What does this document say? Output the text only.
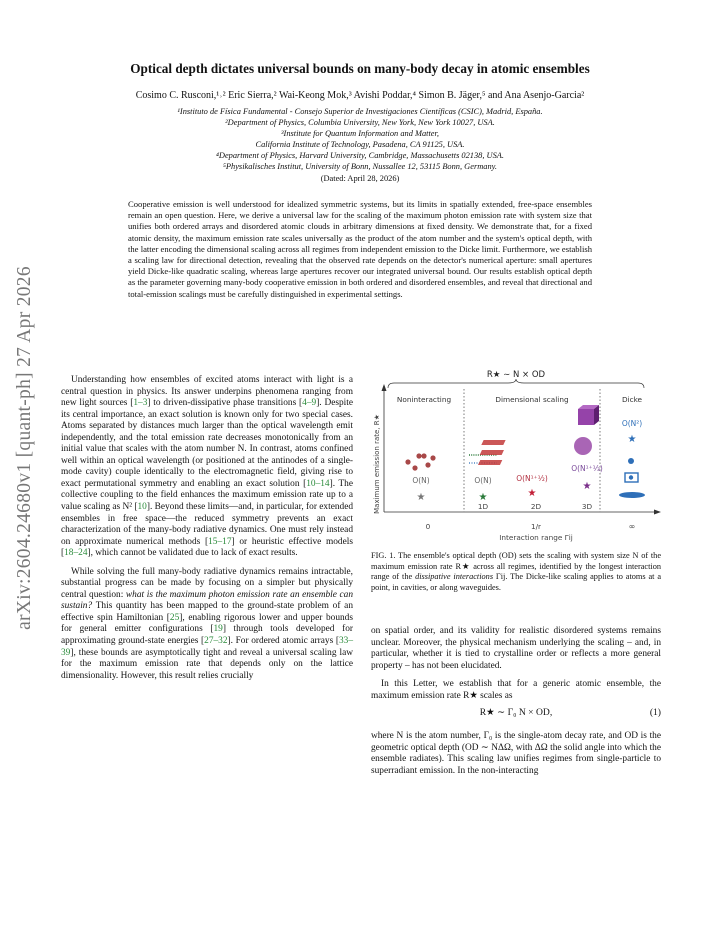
arXiv:2604.24680v1 [quant-ph] 27 Apr 2026
Optical depth dictates universal bounds on many-body decay in atomic ensembles
Cosimo C. Rusconi,¹˒² Eric Sierra,² Wai-Keong Mok,³ Avishi Poddar,⁴ Simon B. Jäger,⁵ and Ana Asenjo-Garcia²
¹Instituto de Física Fundamental - Consejo Superior de Investigaciones Científicas (CSIC), Madrid, España.
²Department of Physics, Columbia University, New York, New York 10027, USA.
³Institute for Quantum Information and Matter,
California Institute of Technology, Pasadena, CA 91125, USA.
⁴Department of Physics, Harvard University, Cambridge, Massachusetts 02138, USA.
⁵Physikalisches Institut, University of Bonn, Nussallee 12, 53115 Bonn, Germany.
(Dated: April 28, 2026)
Cooperative emission is well understood for idealized symmetric systems, but its limits in spatially extended, free-space ensembles remain an open question. Here, we derive a universal law for the scaling of the maximum photon emission rate with system size that unifies both ordered arrays and disordered atomic clouds in arbitrary dimensions at fixed density. We demonstrate that, for a fixed atomic density, the maximum emission rate scales universally as the product of the atom number and the system's optical depth, with the latter encoding the dimensional scaling across all regimes from independent emission to the Dicke limit. Furthermore, we establish a scaling law for directional detection, revealing that the observed rate depends on the detector's numerical aperture: small apertures yield Dicke-like quadratic scaling, whereas large apertures recover our integrated universal bound. Our results establish optical depth as the parameter governing many-body cooperative emission in both ordered and disordered ensembles, and reveal that directional and total-emission scalings must be carefully distinguished in experimental settings.

Understanding how ensembles of excited atoms interact with light is a central question in physics. Its answer underpins phenomena ranging from new light sources [1–3] to driven-dissipative phase transitions [4–9]. Despite its central importance, an exact solution is known only for two special cases. Atoms separated by distances much larger than the optical wavelength emit independently, and the total emission rate decreases monotonically from an initial value that scales with the atom number N. In contrast, atoms confined well within an optical wavelength (or positioned at the antinodes of a single-mode cavity) couple identically to the electromagnetic field, giving rise to exact permutational symmetry and enabling an exact solution [10–14]. The collective coupling to the field enhances the maximum emission rate up to a value scaling as N² [10]. Beyond these limits—and, in particular, for extended ensembles in free space—the reduced symmetry prevents an exact characterization of the many-body radiative dynamics. One must rely instead on approximate numerical methods [15–17] or heuristic effective models [18–24], which cannot be validated due to lack of exact results.

While solving the full many-body radiative dynamics remains intractable, substantial progress can be made by focusing on a simpler but physically central question: what is the maximum photon emission rate an ensemble can sustain? This quantity has been mapped to the ground-state problem of an effective spin Hamiltonian [25], enabling rigorous lower and upper bounds for general emitter configurations [19] through tools developed for approximating ground-state energies [27–32]. For ordered atomic arrays [33–39], these bounds are asymptotically tight and reveal a universal scaling law for the maximum emission rate that depends only on the lattice dimensionality. However, this result relies crucially

R★ ∼ N × OD
Maximum emission rate, R★
Noninteracting	Dimensional scaling	Dicke
O(N)
★
O(N)
★
O(N¹⁺¹⁄₂)
★
O(N¹⁺¹⁄₃)
★
O(N²)
★
0
1D	2D	3D
1/r	∞
Interaction range Γij
FIG. 1. The ensemble's optical depth (OD) sets the scaling with system size N of the maximum emission rate R★ across all regimes, identified by the longest interaction range of the dissipative interactions Γij. The Dicke-like scaling applies to atoms at a point, in cavities, or along waveguides.

on spatial order, and its validity for realistic disordered systems remains unclear. Moreover, the physical mechanism underlying the scaling – and, in particular, whether it is tied to crystalline order or reflects a more general property – has not been elucidated.

In this Letter, we establish that for a generic atomic ensemble, the maximum emission rate R★ scales as

R★ ∼ Γ₀ N × OD,	(1)

where N is the atom number, Γ₀ is the single-atom decay rate, and OD is the geometric optical depth (OD ∼ NΔΩ, with ΔΩ the solid angle into which the ensemble radiates). This scaling law unifies regimes from single-particle to superradiant emission. In the non-interacting
